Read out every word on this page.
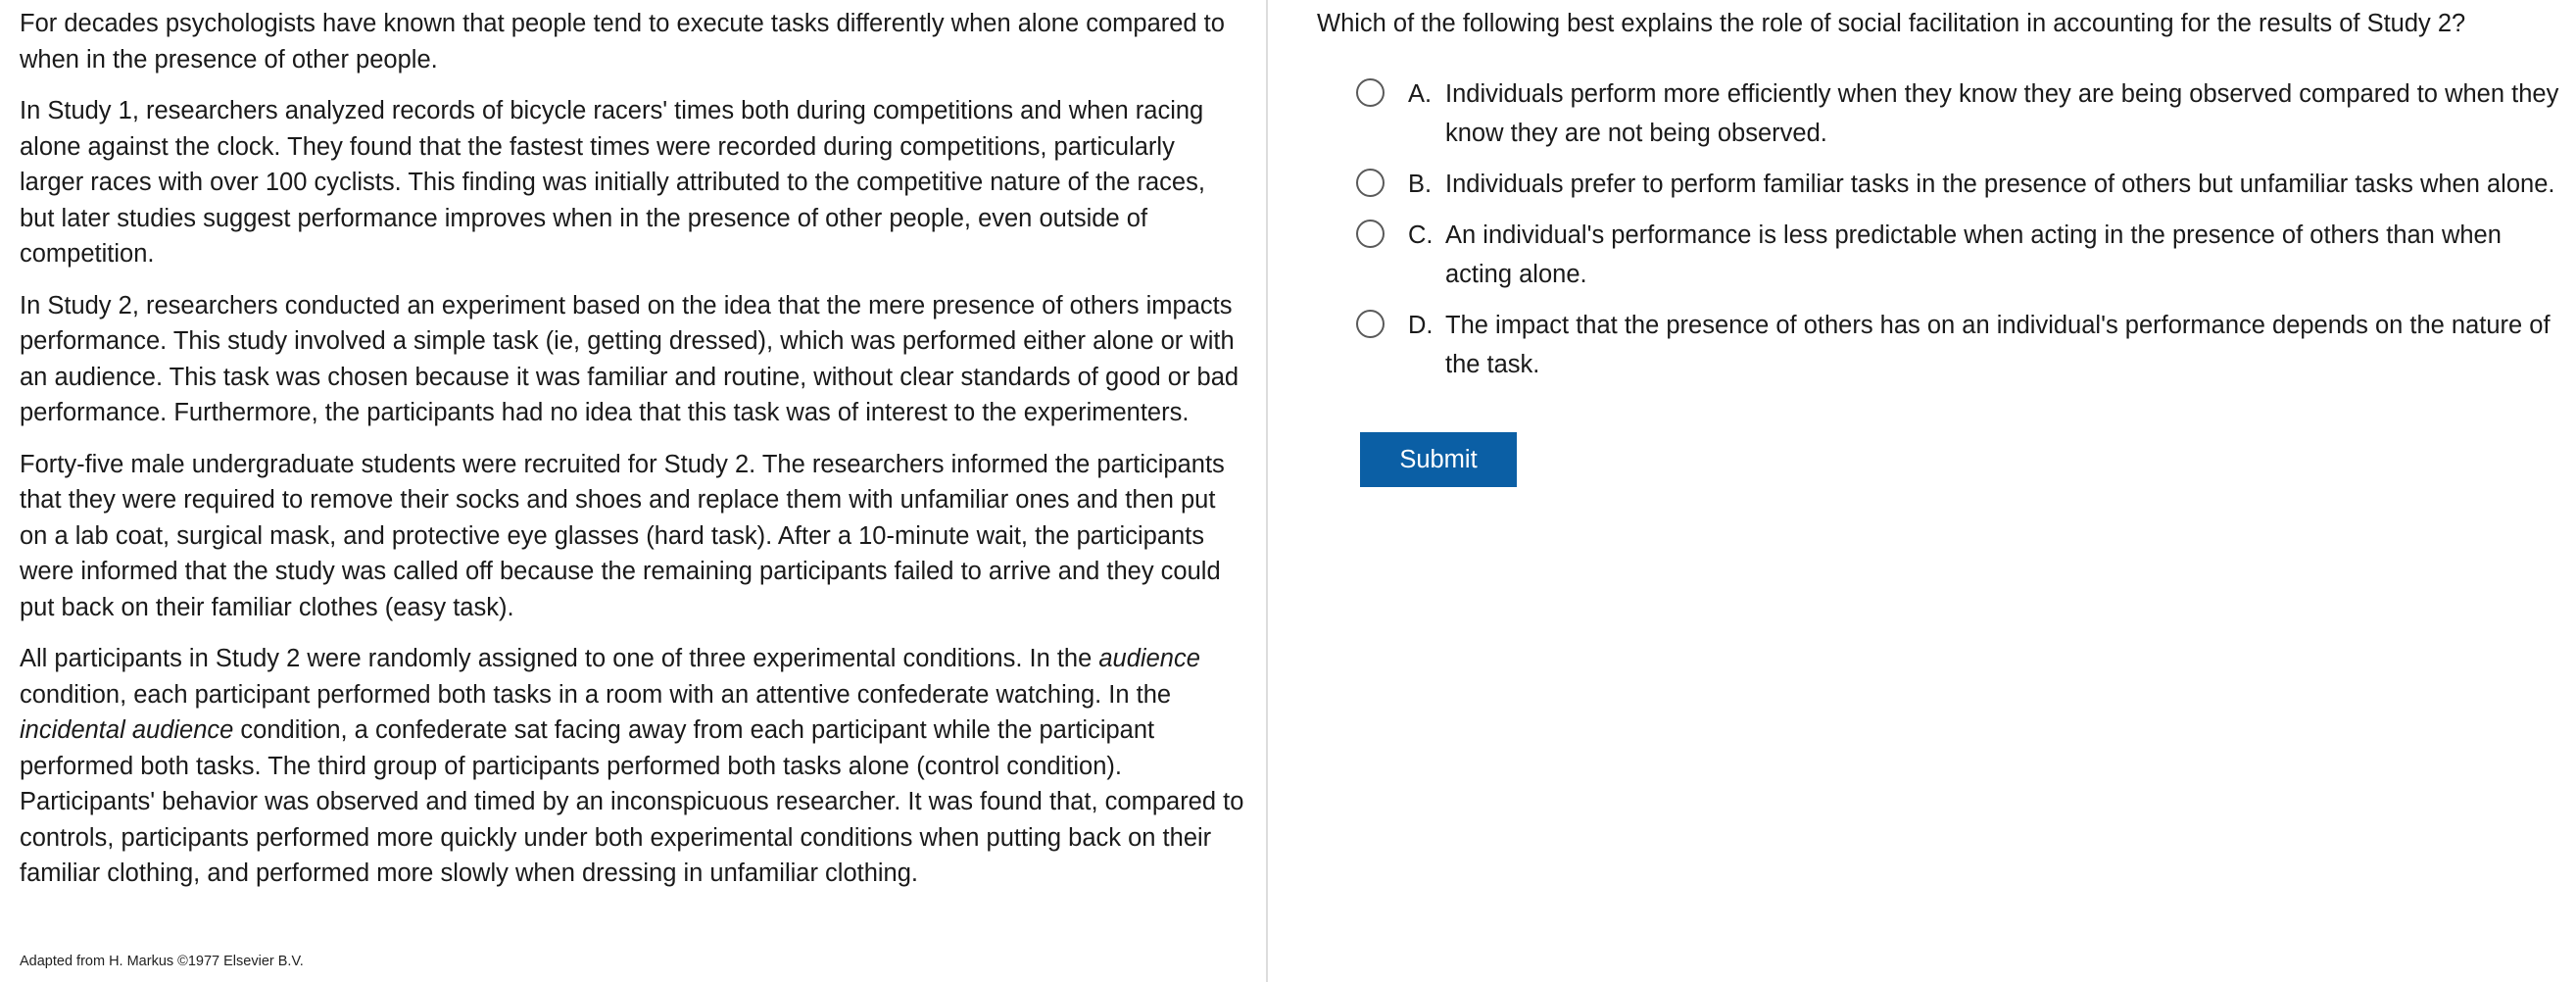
For decades psychologists have known that people tend to execute tasks differently when alone compared to when in the presence of other people.

In Study 1, researchers analyzed records of bicycle racers' times both during competitions and when racing alone against the clock. They found that the fastest times were recorded during competitions, particularly larger races with over 100 cyclists. This finding was initially attributed to the competitive nature of the races, but later studies suggest performance improves when in the presence of other people, even outside of competition.

In Study 2, researchers conducted an experiment based on the idea that the mere presence of others impacts performance. This study involved a simple task (ie, getting dressed), which was performed either alone or with an audience. This task was chosen because it was familiar and routine, without clear standards of good or bad performance. Furthermore, the participants had no idea that this task was of interest to the experimenters.

Forty-five male undergraduate students were recruited for Study 2. The researchers informed the participants that they were required to remove their socks and shoes and replace them with unfamiliar ones and then put on a lab coat, surgical mask, and protective eye glasses (hard task). After a 10-minute wait, the participants were informed that the study was called off because the remaining participants failed to arrive and they could put back on their familiar clothes (easy task).

All participants in Study 2 were randomly assigned to one of three experimental conditions. In the audience condition, each participant performed both tasks in a room with an attentive confederate watching. In the incidental audience condition, a confederate sat facing away from each participant while the participant performed both tasks. The third group of participants performed both tasks alone (control condition). Participants' behavior was observed and timed by an inconspicuous researcher. It was found that, compared to controls, participants performed more quickly under both experimental conditions when putting back on their familiar clothing, and performed more slowly when dressing in unfamiliar clothing.

Adapted from H. Markus ©1977 Elsevier B.V.
Which of the following best explains the role of social facilitation in accounting for the results of Study 2?
A. Individuals perform more efficiently when they know they are being observed compared to when they know they are not being observed.
B. Individuals prefer to perform familiar tasks in the presence of others but unfamiliar tasks when alone.
C. An individual's performance is less predictable when acting in the presence of others than when acting alone.
D. The impact that the presence of others has on an individual's performance depends on the nature of the task.
Submit
